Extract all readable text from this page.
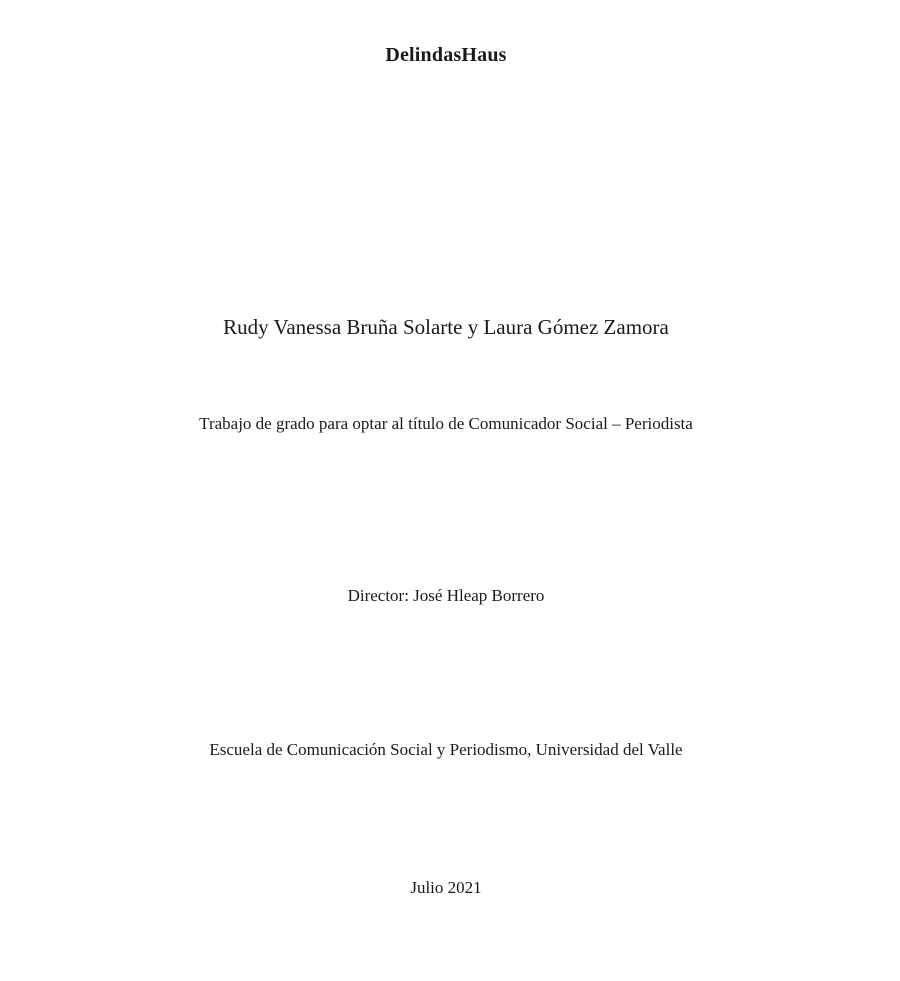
DelindasHaus
Rudy Vanessa Bruña Solarte y Laura Gómez Zamora
Trabajo de grado para optar al título de Comunicador Social – Periodista
Director: José Hleap Borrero
Escuela de Comunicación Social y Periodismo, Universidad del Valle
Julio 2021
